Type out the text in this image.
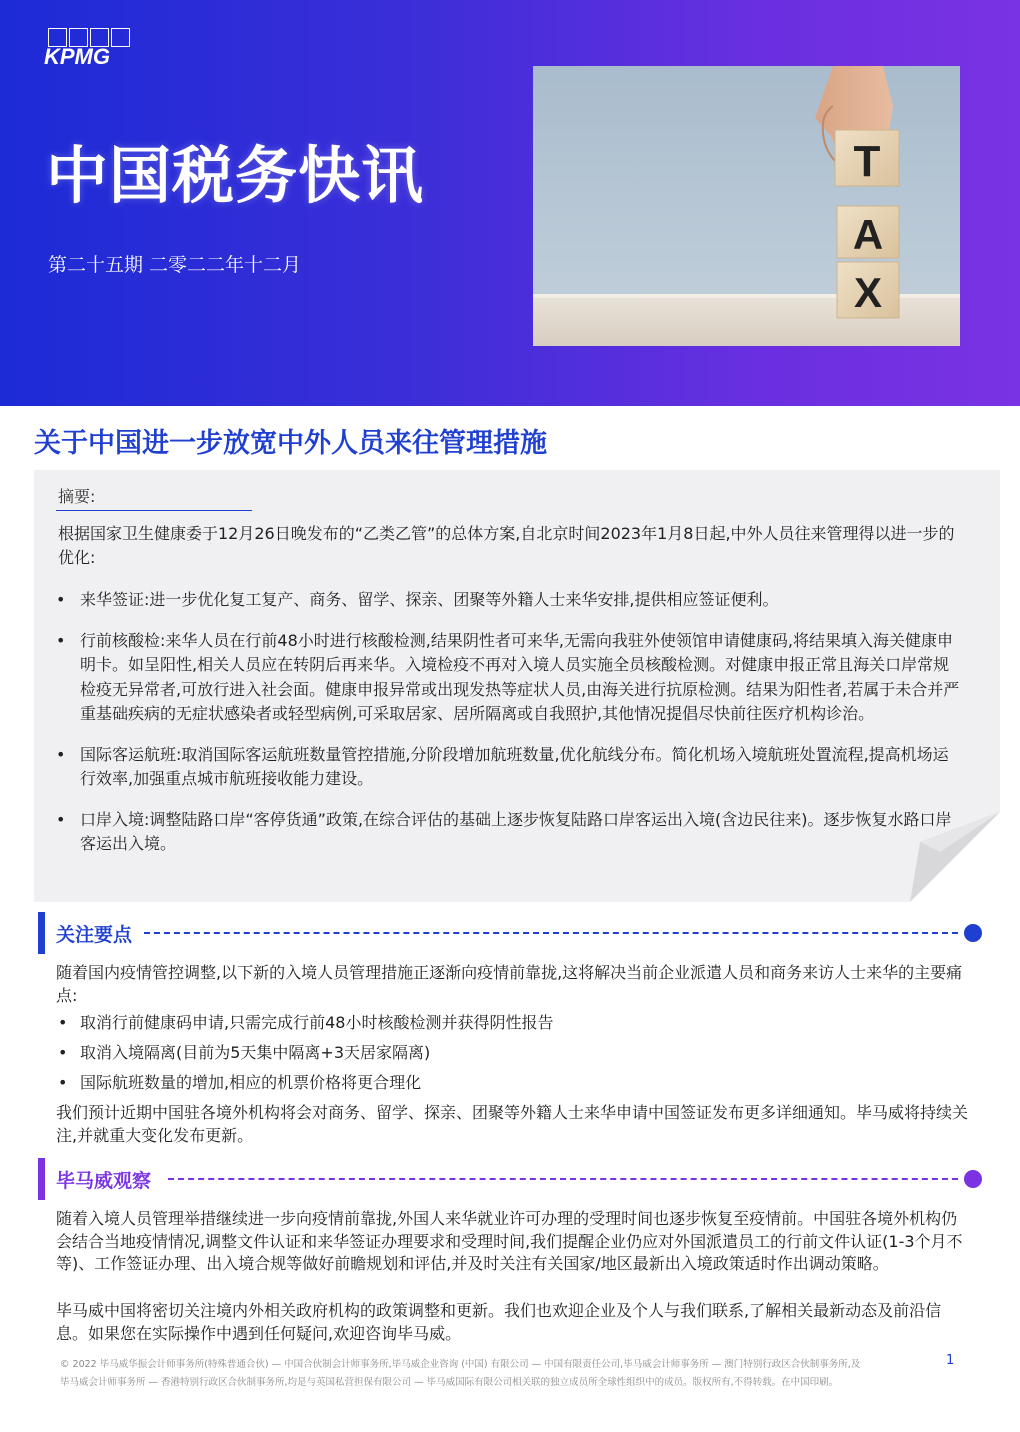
KPMG
中国税务快讯
第二十五期 二零二二年十二月
T
A
X
关于中国进一步放宽中外人员来往管理措施
摘要:
根据国家卫生健康委于12月26日晚发布的“乙类乙管”的总体方案,自北京时间2023年1月8日起,中外人员往来管理得以进一步的优化:
• 来华签证:进一步优化复工复产、商务、留学、探亲、团聚等外籍人士来华安排,提供相应签证便利。
• 行前核酸检:来华人员在行前48小时进行核酸检测,结果阴性者可来华,无需向我驻外使领馆申请健康码,将结果填入海关健康申明卡。如呈阳性,相关人员应在转阴后再来华。入境检疫不再对入境人员实施全员核酸检测。对健康申报正常且海关口岸常规检疫无异常者,可放行进入社会面。健康申报异常或出现发热等症状人员,由海关进行抗原检测。结果为阳性者,若属于未合并严重基础疾病的无症状感染者或轻型病例,可采取居家、居所隔离或自我照护,其他情况提倡尽快前往医疗机构诊治。
• 国际客运航班:取消国际客运航班数量管控措施,分阶段增加航班数量,优化航线分布。简化机场入境航班处置流程,提高机场运行效率,加强重点城市航班接收能力建设。
• 口岸入境:调整陆路口岸“客停货通”政策,在综合评估的基础上逐步恢复陆路口岸客运出入境(含边民往来)。逐步恢复水路口岸客运出入境。
关注要点
随着国内疫情管控调整,以下新的入境人员管理措施正逐渐向疫情前靠拢,这将解决当前企业派遣人员和商务来访人士来华的主要痛点:
• 取消行前健康码申请,只需完成行前48小时核酸检测并获得阴性报告
• 取消入境隔离(目前为5天集中隔离+3天居家隔离)
• 国际航班数量的增加,相应的机票价格将更合理化
我们预计近期中国驻各境外机构将会对商务、留学、探亲、团聚等外籍人士来华申请中国签证发布更多详细通知。毕马威将持续关注,并就重大变化发布更新。
毕马威观察
随着入境人员管理举措继续进一步向疫情前靠拢,外国人来华就业许可办理的受理时间也逐步恢复至疫情前。中国驻各境外机构仍会结合当地疫情情况,调整文件认证和来华签证办理要求和受理时间,我们提醒企业仍应对外国派遣员工的行前文件认证(1-3个月不等)、工作签证办理、出入境合规等做好前瞻规划和评估,并及时关注有关国家/地区最新出入境政策适时作出调动策略。
毕马威中国将密切关注境内外相关政府机构的政策调整和更新。我们也欢迎企业及个人与我们联系,了解相关最新动态及前沿信息。如果您在实际操作中遇到任何疑问,欢迎咨询毕马威。
© 2022 毕马威华振会计师事务所(特殊普通合伙) — 中国合伙制会计师事务所,毕马威企业咨询 (中国) 有限公司 — 中国有限责任公司,毕马威会计师事务所 — 澳门特别行政区合伙制事务所,及
毕马威会计师事务所 — 香港特别行政区合伙制事务所,均是与英国私营担保有限公司 — 毕马威国际有限公司相关联的独立成员所全球性组织中的成员。版权所有,不得转载。在中国印刷。
1
